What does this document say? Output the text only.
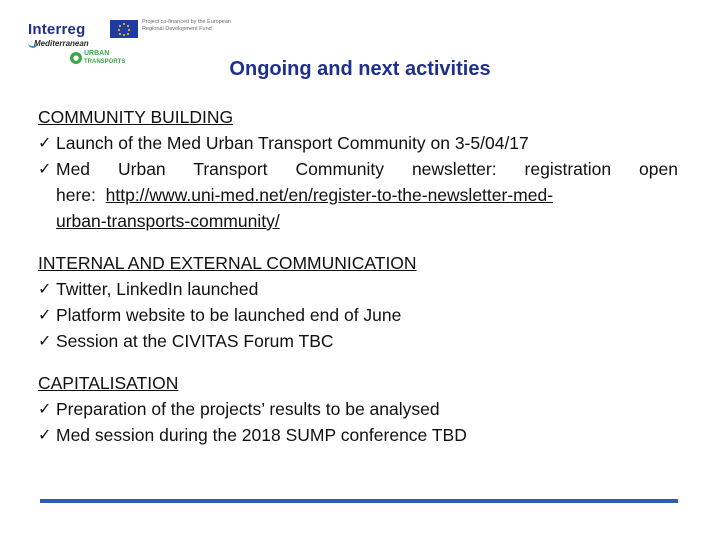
Interreg	Project co-financed by the European
Regional Development Fund
Mediterranean
●
URBAN
TRANSPORTS	Ongoing and next activities

COMMUNITY BUILDING

✓ Launch of the Med Urban Transport Community on 3-5/04/17

✓ Med Urban Transport Community newsletter: registration open
here:  http://www.uni-med.net/en/register-to-the-newsletter-med-
urban-transports-community/

INTERNAL AND EXTERNAL COMMUNICATION

✓ Twitter, LinkedIn launched

✓ Platform website to be launched end of June

✓ Session at the CIVITAS Forum TBC

CAPITALISATION

✓ Preparation of the projects’ results to be analysed

✓ Med session during the 2018 SUMP conference TBD
